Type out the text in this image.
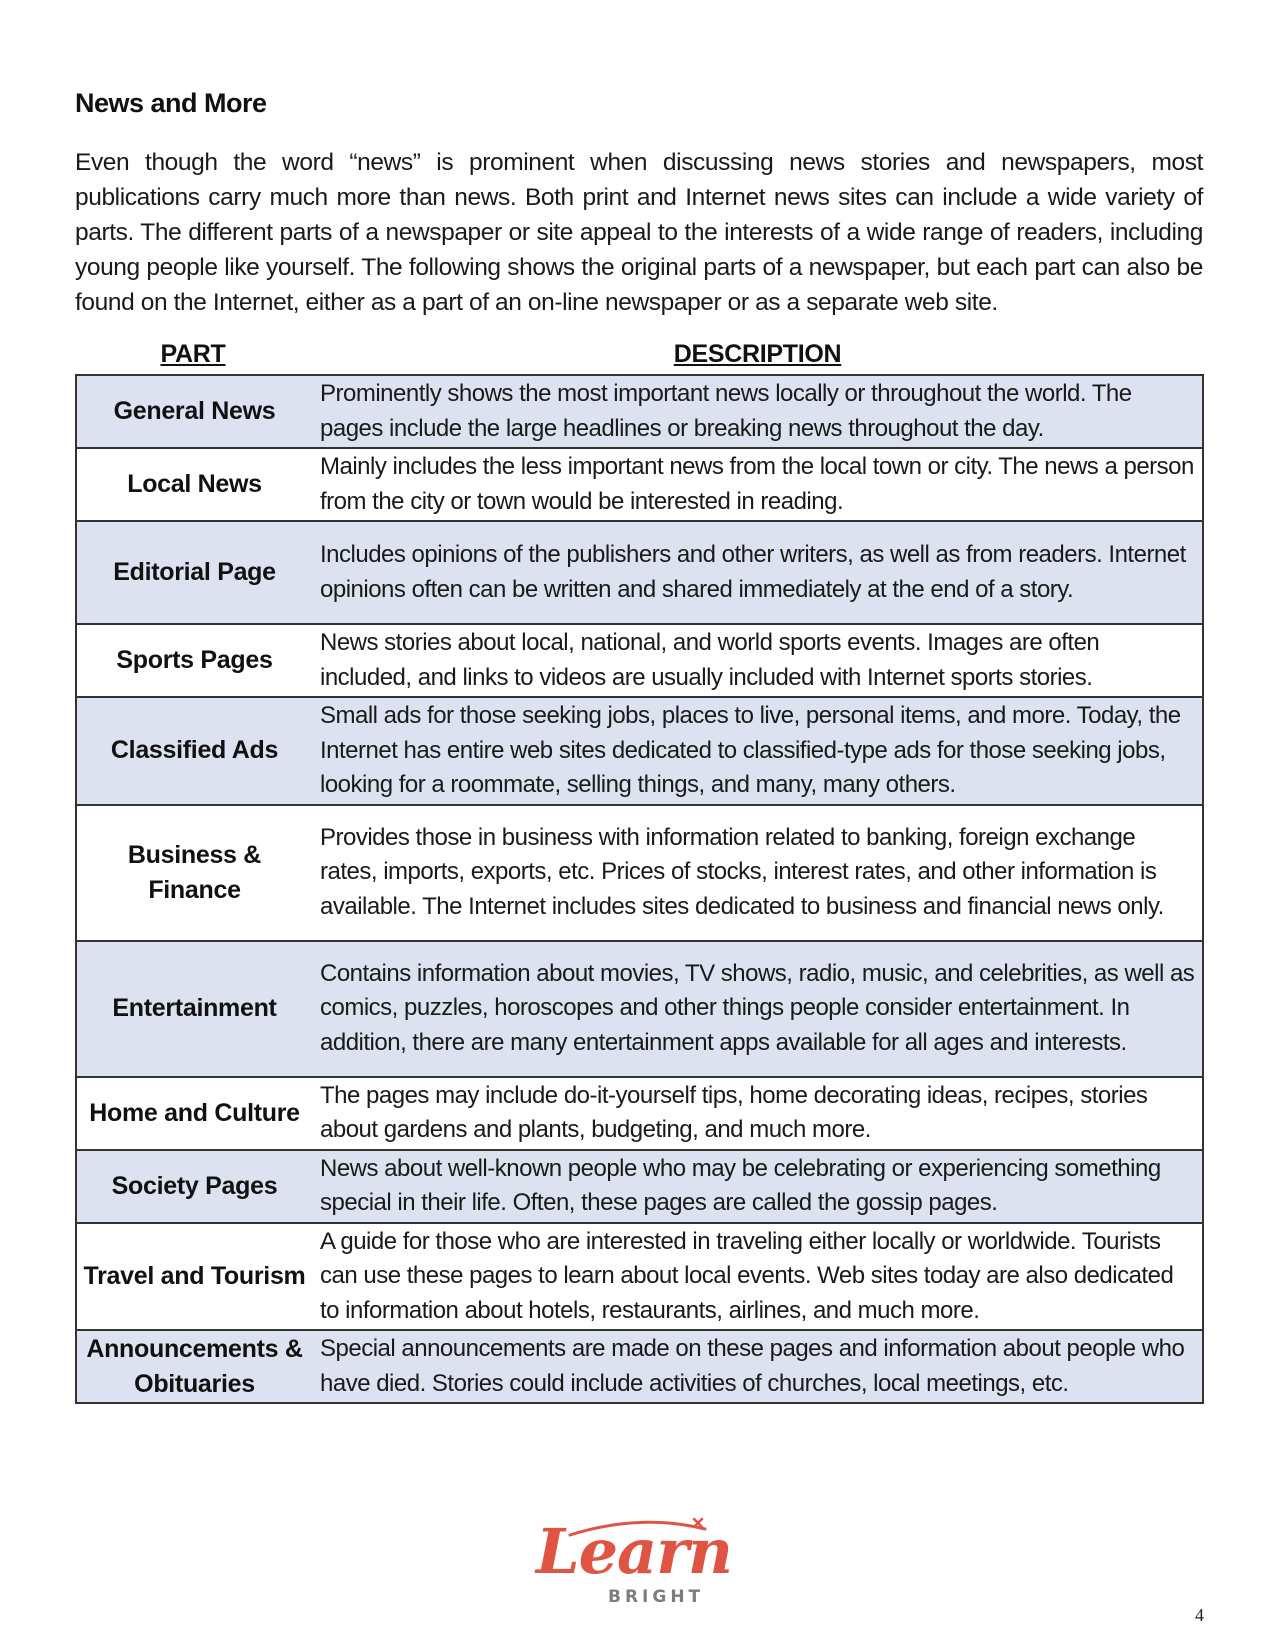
News and More

Even though the word “news” is prominent when discussing news stories and newspapers, most publications carry much more than news. Both print and Internet news sites can include a wide variety of parts. The different parts of a newspaper or site appeal to the interests of a wide range of readers, including young people like yourself. The following shows the original parts of a newspaper, but each part can also be found on the Internet, either as a part of an on-line newspaper or as a separate web site.

PART	DESCRIPTION
General News	Prominently shows the most important news locally or throughout the world. The pages include the large headlines or breaking news throughout the day.
Local News	Mainly includes the less important news from the local town or city. The news a person from the city or town would be interested in reading.
Editorial Page	Includes opinions of the publishers and other writers, as well as from readers. Internet opinions often can be written and shared immediately at the end of a story.
Sports Pages	News stories about local, national, and world sports events. Images are often included, and links to videos are usually included with Internet sports stories.
Classified Ads	Small ads for those seeking jobs, places to live, personal items, and more. Today, the Internet has entire web sites dedicated to classified-type ads for those seeking jobs, looking for a roommate, selling things, and many, many others.
Business & Finance	Provides those in business with information related to banking, foreign exchange rates, imports, exports, etc. Prices of stocks, interest rates, and other information is available. The Internet includes sites dedicated to business and financial news only.
Entertainment	Contains information about movies, TV shows, radio, music, and celebrities, as well as comics, puzzles, horoscopes and other things people consider entertainment. In addition, there are many entertainment apps available for all ages and interests.
Home and Culture	The pages may include do-it-yourself tips, home decorating ideas, recipes, stories about gardens and plants, budgeting, and much more.
Society Pages	News about well-known people who may be celebrating or experiencing something special in their life. Often, these pages are called the gossip pages.
Travel and Tourism	A guide for those who are interested in traveling either locally or worldwide. Tourists can use these pages to learn about local events. Web sites today are also dedicated to information about hotels, restaurants, airlines, and much more.
Announcements & Obituaries	Special announcements are made on these pages and information about people who have died. Stories could include activities of churches, local meetings, etc.
Learn
BRIGHT
4
